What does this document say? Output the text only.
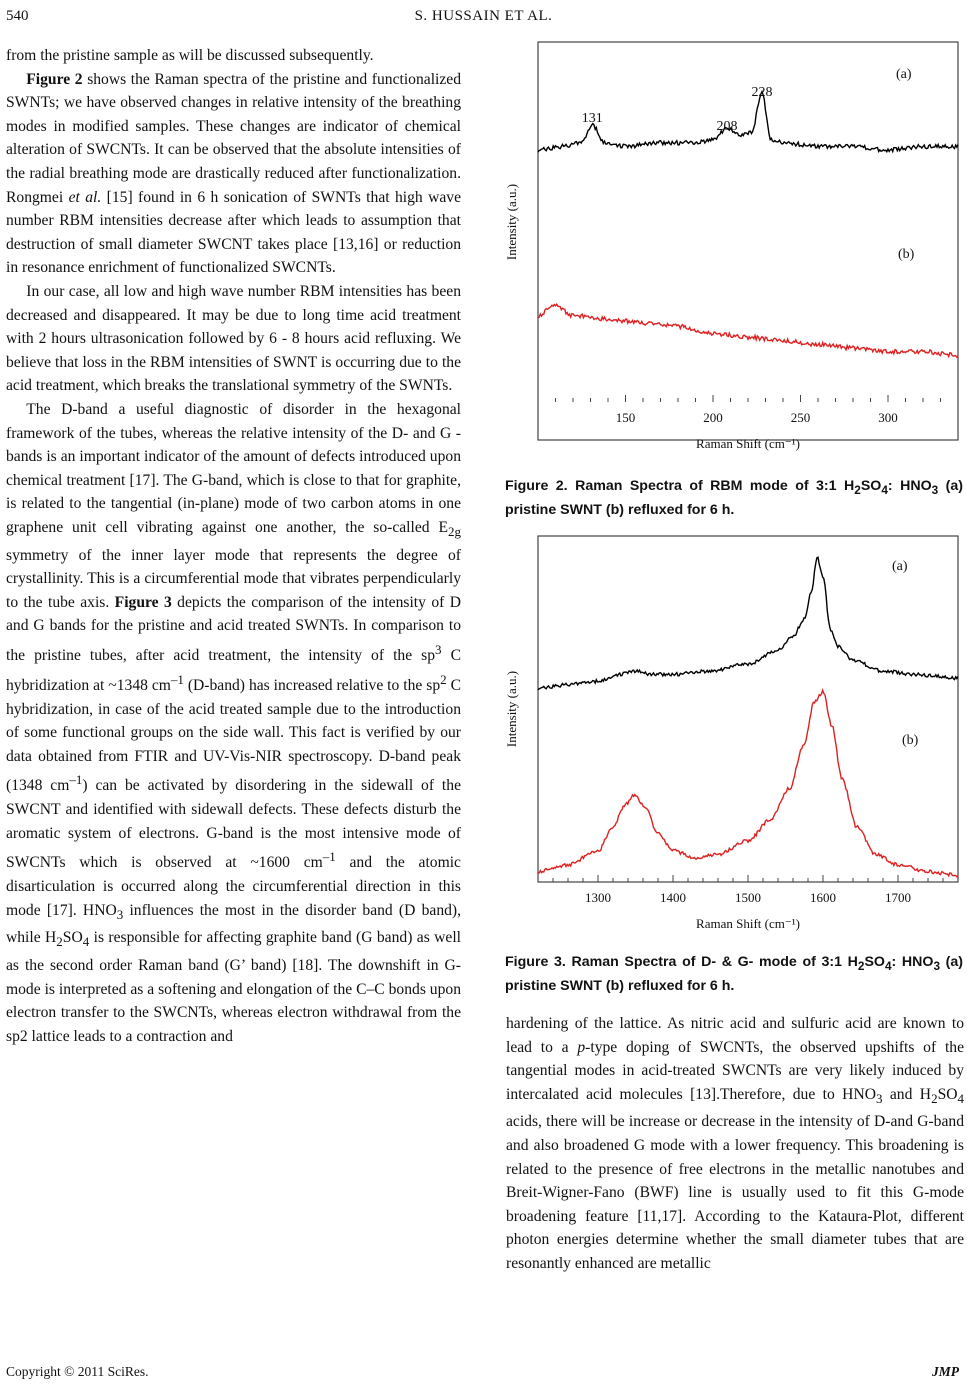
540	S. HUSSAIN ET AL.

from the pristine sample as will be discussed subsequently.

Figure 2 shows the Raman spectra of the pristine and functionalized SWNTs; we have observed changes in relative intensity of the breathing modes in modified samples. These changes are indicator of chemical alteration of SWCNTs. It can be observed that the absolute intensities of the radial breathing mode are drastically reduced after functionalization. Rongmei et al. [15] found in 6 h sonication of SWNTs that high wave number RBM intensities decrease after which leads to assumption that destruction of small diameter SWCNT takes place [13,16] or reduction in resonance enrichment of functionalized SWCNTs.

In our case, all low and high wave number RBM intensities has been decreased and disappeared. It may be due to long time acid treatment with 2 hours ultrasonication followed by 6 - 8 hours acid refluxing. We believe that loss in the RBM intensities of SWNT is occurring due to the acid treatment, which breaks the translational symmetry of the SWNTs.

The D-band a useful diagnostic of disorder in the hexagonal framework of the tubes, whereas the relative intensity of the D- and G -bands is an important indicator of the amount of defects introduced upon chemical treatment [17]. The G-band, which is close to that for graphite, is related to the tangential (in-plane) mode of two carbon atoms in one graphene unit cell vibrating against one another, the so-called $E_{2g}$ symmetry of the inner layer mode that represents the degree of crystallinity. This is a circumferential mode that vibrates perpendicularly to the tube axis. Figure 3 depicts the comparison of the intensity of D and G bands for the pristine and acid treated SWNTs. In comparison to the pristine tubes, after acid treatment, the intensity of the $sp^3$ C hybridization at ~1348 $cm^{-1}$ (D-band) has increased relative to the $sp^2$ C hybridization, in case of the acid treated sample due to the introduction of some functional groups on the side wall. This fact is verified by our data obtained from FTIR and UV-Vis-NIR spectroscopy. D-band peak (1348 $cm^{-1}$) can be activated by disordering in the sidewall of the SWCNT and identified with sidewall defects. These defects disturb the aromatic system of electrons. G-band is the most intensive mode of SWCNTs which is observed at ~1600 $cm^{-1}$ and the atomic disarticulation is occurred along the circumferential direction in this mode [17]. $HNO_3$ influences the most in the disorder band (D band), while $H_2SO_4$ is responsible for affecting graphite band (G band) as well as the second order Raman band (G’ band) [18]. The downshift in G-mode is interpreted as a softening and elongation of the C–C bonds upon electron transfer to the SWCNTs, whereas electron withdrawal from the sp2 lattice leads to a contraction and

150	200	250	300
Raman Shift (cm⁻¹)
Intensity (a.u.)
(a)
(b)
131
208
228
Figure 2. Raman Spectra of RBM mode of 3:1 $H_2SO_4$: $HNO_3$ (a) pristine SWNT (b) refluxed for 6 h.
1300	1400	1500	1600	1700
Raman Shift (cm⁻¹)
Intensity (a.u.)
(a)
(b)
Figure 3. Raman Spectra of D- & G- mode of 3:1 $H_2SO_4$: $HNO_3$ (a) pristine SWNT (b) refluxed for 6 h.

hardening of the lattice. As nitric acid and sulfuric acid are known to lead to a p-type doping of SWCNTs, the observed upshifts of the tangential modes in acid-treated SWCNTs are very likely induced by intercalated acid molecules [13].Therefore, due to $HNO_3$ and $H_2SO_4$ acids, there will be increase or decrease in the intensity of D-and G-band and also broadened G mode with a lower frequency. This broadening is related to the presence of free electrons in the metallic nanotubes and Breit-Wigner-Fano (BWF) line is usually used to fit this G-mode broadening feature [11,17]. According to the Kataura-Plot, different photon energies determine whether the small diameter tubes that are resonantly enhanced are metallic

Copyright © 2011 SciRes.	JMP
